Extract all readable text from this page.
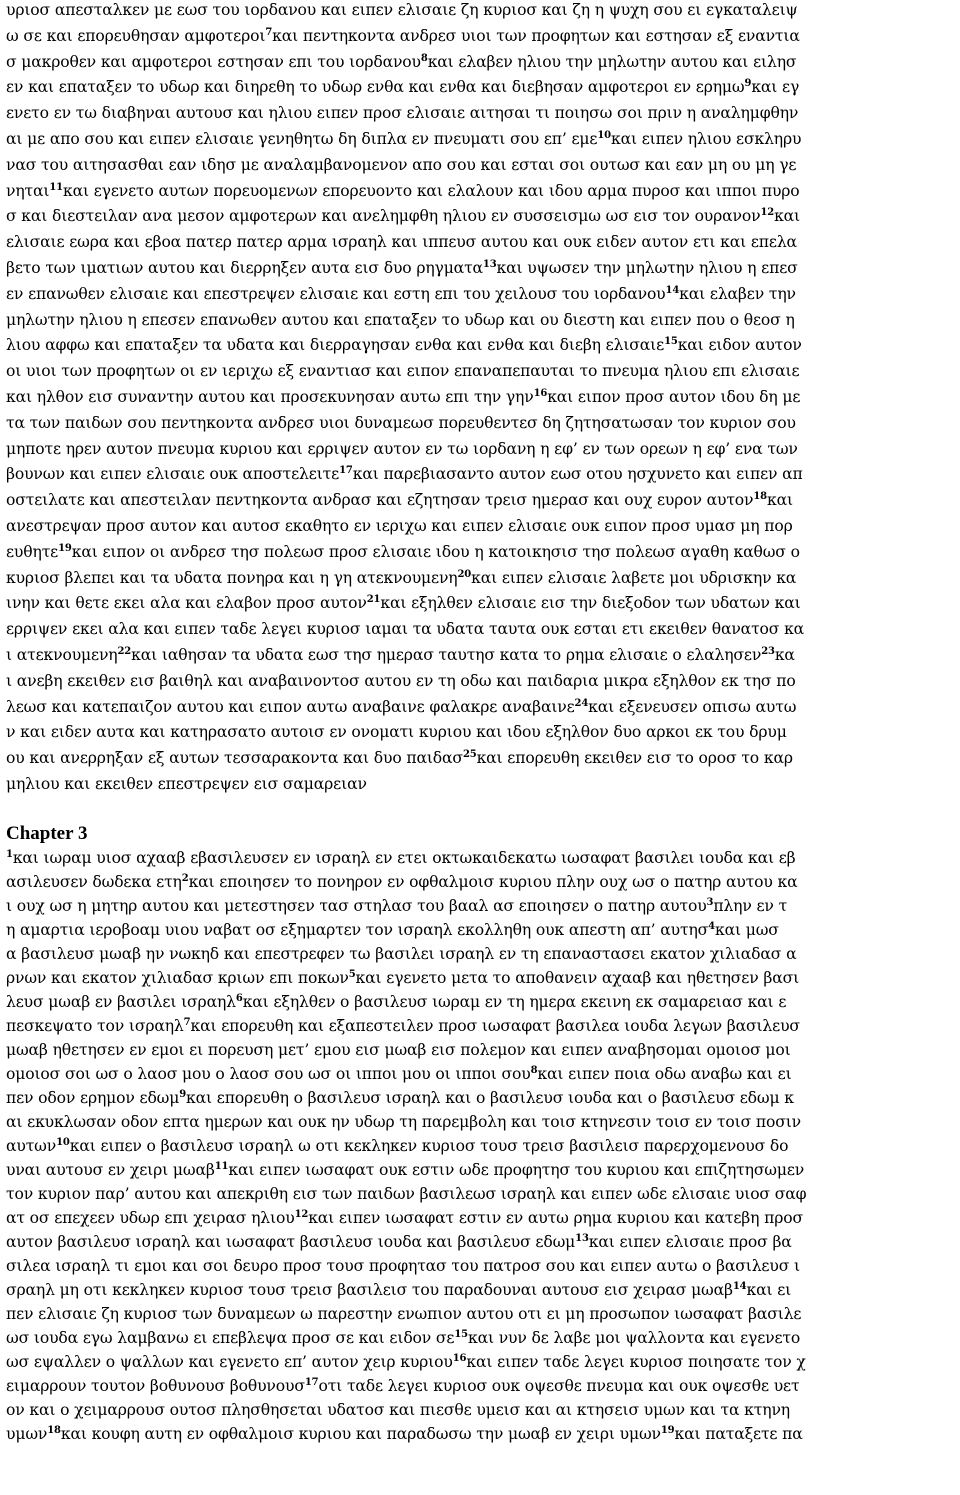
υριοσ απεσταλκεν με εωσ του ιορδανου και ειπεν ελισαιε ζη κυριοσ και ζη η ψυχη σου ει εγκαταλειψ
ω σε και επορευθησαν αμφοτεροι$^7$και πεντηκοντα ανδρεσ υιοι των προφητων και εστησαν εξ εναντια
σ μακροθεν και αμφοτεροι εστησαν επι του ιορδανου$^8$και ελαβεν ηλιου την μηλωτην αυτου και ειλησ
εν και επαταξεν το υδωρ και διηρεθη το υδωρ ενθα και ενθα και διεβησαν αμφοτεροι εν ερημω$^9$και εγ
ενετο εν τω διαβηναι αυτουσ και ηλιου ειπεν προσ ελισαιε αιτησαι τι ποιησω σοι πριν η αναλημφθην
αι με απο σου και ειπεν ελισαιε γενηθητω δη διπλα εν πνευματι σου επ’ εμε$^{10}$και ειπεν ηλιου εσκληρυ
νασ του αιτησασθαι εαν ιδησ με αναλαμβανομενον απο σου και εσται σοι ουτωσ και εαν μη ου μη γε
νηται$^{11}$και εγενετο αυτων πορευομενων επορευοντο και ελαλουν και ιδου αρμα πυροσ και ιπποι πυρο
σ και διεστειλαν ανα μεσον αμφοτερων και ανελημφθη ηλιου εν συσσεισμω ωσ εισ τον ουρανον$^{12}$και
ελισαιε εωρα και εβοα πατερ πατερ αρμα ισραηλ και ιππευσ αυτου και ουκ ειδεν αυτον ετι και επελα
βετο των ιματιων αυτου και διερρηξεν αυτα εισ δυο ρηγματα$^{13}$και υψωσεν την μηλωτην ηλιου η επεσ
εν επανωθεν ελισαιε και επεστρεψεν ελισαιε και εστη επι του χειλουσ του ιορδανου$^{14}$και ελαβεν την
μηλωτην ηλιου η επεσεν επανωθεν αυτου και επαταξεν το υδωρ και ου διεστη και ειπεν που ο θεοσ η
λιου αφφω και επαταξεν τα υδατα και διερραγησαν ενθα και ενθα και διεβη ελισαιε$^{15}$και ειδον αυτον
οι υιοι των προφητων οι εν ιεριχω εξ εναντιασ και ειπον επαναπεπαυται το πνευμα ηλιου επι ελισαιε
και ηλθον εισ συναντην αυτου και προσεκυνησαν αυτω επι την γην$^{16}$και ειπον προσ αυτον ιδου δη με
τα των παιδων σου πεντηκοντα ανδρεσ υιοι δυναμεωσ πορευθεντεσ δη ζητησατωσαν τον κυριον σου
μηποτε ηρεν αυτον πνευμα κυριου και ερριψεν αυτον εν τω ιορδανη η εφ’ εν των ορεων η εφ’ ενα των
βουνων και ειπεν ελισαιε ουκ αποστελειτε$^{17}$και παρεβιασαντο αυτον εωσ οτου ησχυνετο και ειπεν απ
οστειλατε και απεστειλαν πεντηκοντα ανδρασ και εζητησαν τρεισ ημερασ και ουχ ευρον αυτον$^{18}$και
ανεστρεψαν προσ αυτον και αυτοσ εκαθητο εν ιεριχω και ειπεν ελισαιε ουκ ειπον προσ υμασ μη πορ
ευθητε$^{19}$και ειπον οι ανδρεσ τησ πολεωσ προσ ελισαιε ιδου η κατοικησισ τησ πολεωσ αγαθη καθωσ ο
κυριοσ βλεπει και τα υδατα πονηρα και η γη ατεκνουμενη$^{20}$και ειπεν ελισαιε λαβετε μοι υδρισκην κα
ινην και θετε εκει αλα και ελαβον προσ αυτον$^{21}$και εξηλθεν ελισαιε εισ την διεξοδον των υδατων και
ερριψεν εκει αλα και ειπεν ταδε λεγει κυριοσ ιαμαι τα υδατα ταυτα ουκ εσται ετι εκειθεν θανατοσ κα
ι ατεκνουμενη$^{22}$και ιαθησαν τα υδατα εωσ τησ ημερασ ταυτησ κατα το ρημα ελισαιε ο ελαλησεν$^{23}$κα
ι ανεβη εκειθεν εισ βαιθηλ και αναβαινοντοσ αυτου εν τη οδω και παιδαρια μικρα εξηλθον εκ τησ πο
λεωσ και κατεπαιζον αυτου και ειπον αυτω αναβαινε φαλακρε αναβαινε$^{24}$και εξενευσεν οπισω αυτω
ν και ειδεν αυτα και κατηρασατο αυτοισ εν ονοματι κυριου και ιδου εξηλθον δυο αρκοι εκ του δρυμ
ου και ανερρηξαν εξ αυτων τεσσαρακοντα και δυο παιδασ$^{25}$και επορευθη εκειθεν εισ το οροσ το καρ
μηλιου και εκειθεν επεστρεψεν εισ σαμαρειαν
Chapter 3
$^1$και ιωραμ υιοσ αχααβ εβασιλευσεν εν ισραηλ εν ετει οκτωκαιδεκατω ιωσαφατ βασιλει ιουδα και εβ
ασιλευσεν δωδεκα ετη$^2$και εποιησεν το πονηρον εν οφθαλμοισ κυριου πλην ουχ ωσ ο πατηρ αυτου κα
ι ουχ ωσ η μητηρ αυτου και μετεστησεν τασ στηλασ του βααλ ασ εποιησεν ο πατηρ αυτου$^3$πλην εν τ
η αμαρτια ιεροβοαμ υιου ναβατ οσ εξημαρτεν τον ισραηλ εκολληθη ουκ απεστη απ’ αυτησ$^4$και μωσ
α βασιλευσ μωαβ ην νωκηδ και επεστρεφεν τω βασιλει ισραηλ εν τη επαναστασει εκατον χιλιαδασ α
ρνων και εκατον χιλιαδασ κριων επι πoκων$^5$και εγενετο μετα το αποθανειν αχααβ και ηθετησεν βασι
λευσ μωαβ εν βασιλει ισραηλ$^6$και εξηλθεν ο βασιλευσ ιωραμ εν τη ημερα εκεινη εκ σαμαρειασ και ε
πεσκεψατο τον ισραηλ$^7$και επορευθη και εξαπεστειλεν προσ ιωσαφατ βασιλεα ιουδα λεγων βασιλευσ
μωαβ ηθετησεν εν εμοι ει πορευση μετ’ εμου εισ μωαβ εισ πολεμον και ειπεν αναβησομαι ομοιοσ μοι
ομοιοσ σοι ωσ ο λαοσ μου ο λαοσ σου ωσ οι ιπποι μου οι ιπποι σου$^8$και ειπεν ποια οδω αναβω και ει
πεν οδον ερημον εδωμ$^9$και επορευθη ο βασιλευσ ισραηλ και ο βασιλευσ ιουδα και ο βασιλευσ εδωμ κ
αι εκυκλωσαν οδον επτα ημερων και ουκ ην υδωρ τη παρεμβολη και τοισ κτηνεσιν τοισ εν τοισ ποσιν
αυτων$^{10}$και ειπεν ο βασιλευσ ισραηλ ω οτι κεκληκεν κυριοσ τουσ τρεισ βασιλεισ παρερχομενουσ δο
υναι αυτουσ εν χειρι μωαβ$^{11}$και ειπεν ιωσαφατ ουκ εστιν ωδε προφητησ του κυριου και επιζητησωμεν
τον κυριον παρ’ αυτου και απεκριθη εισ των παιδων βασιλεωσ ισραηλ και ειπεν ωδε ελισαιε υιοσ σαφ
ατ οσ επεχεεν υδωρ επι χειρασ ηλιου$^{12}$και ειπεν ιωσαφατ εστιν εν αυτω ρημα κυριου και κατεβη προσ
αυτον βασιλευσ ισραηλ και ιωσαφατ βασιλευσ ιουδα και βασιλευσ εδωμ$^{13}$και ειπεν ελισαιε προσ βα
σιλεα ισραηλ τι εμοι και σοι δευρο προσ τουσ προφητασ του πατροσ σου και ειπεν αυτω ο βασιλευσ ι
σραηλ μη οτι κεκληκεν κυριοσ τουσ τρεισ βασιλεισ του παραδουναι αυτουσ εισ χειρασ μωαβ$^{14}$και ει
πεν ελισαιε ζη κυριοσ των δυναμεων ω παρεστην ενωπιον αυτου οτι ει μη προσωπον ιωσαφατ βασιλε
ωσ ιουδα εγω λαμβανω ει επεβλεψα προσ σε και ειδον $\sigma\varepsilon^{15}\kappa\alpha\iota$ νυν δε λαβε μοι ψαλλοντα και εγενετο
ωσ εψαλλεν ο ψαλλων και εγενετο επ’ αυτον χειρ κυριου$^{16}$και ειπεν ταδε λεγει κυριοσ ποιησατε τον χ
ειμαρρουν τουτον βοθυνουσ βοθυνουσ$^{17}$οτι ταδε λεγει κυριοσ ουκ οψεσθε πνευμα και ουκ οψεσθε υετ
ον και ο χειμαρρουσ ουτοσ πλησθησεται υδατοσ και πιεσθε υμεισ και αι κτησεισ υμων και τα κτηνη
υμων$^{18}$και κουφη αυτη εν οφθαλμοισ κυριου και παραδωσω την μωαβ εν χειρι υμων$^{19}$και παταξετε πα
